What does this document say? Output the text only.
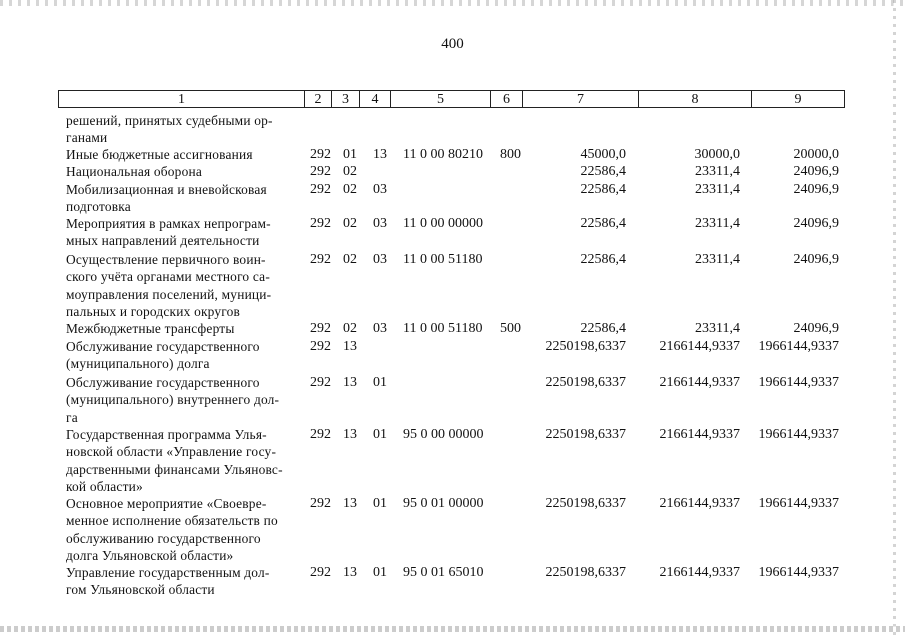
400
1	2	3	4	5	6	7	8	9
решений, принятых судебными ор-
ганами
Иные бюджетные ассигнования	292 01 13 11 0 00 80210 800	45000,0	30000,0	20000,0
Национальная оборона	292 02	22586,4	23311,4	24096,9
Мобилизационная и вневойсковая
подготовка
292 02 03	22586,4	23311,4	24096,9
Мероприятия в рамках непрограм-
мных направлений деятельности
292 02 03 11 0 00 00000	22586,4	23311,4	24096,9
Осуществление первичного воин-
ского учёта органами местного са-
моуправления поселений, муници-
пальных и городских округов
292 02 03 11 0 00 51180	22586,4	23311,4	24096,9
Межбюджетные трансферты	292 02 03 11 0 00 51180 500	22586,4	23311,4	24096,9
Обслуживание государственного
(муниципального) долга
292 13	2250198,6337 2166144,9337 1966144,9337
Обслуживание государственного
(муниципального) внутреннего дол-
га
292 13 01	2250198,6337 2166144,9337 1966144,9337
Государственная программа Улья-
новской области «Управление госу-
дарственными финансами Ульяновс-
кой области»
292 13 01 95 0 00 00000	2250198,6337 2166144,9337 1966144,9337
Основное мероприятие «Своевре-
менное исполнение обязательств по
обслуживанию государственного
долга Ульяновской области»
292 13 01 95 0 01 00000	2250198,6337 2166144,9337 1966144,9337
Управление государственным дол-
гом Ульяновской области
292 13 01 95 0 01 65010	2250198,6337 2166144,9337 1966144,9337
